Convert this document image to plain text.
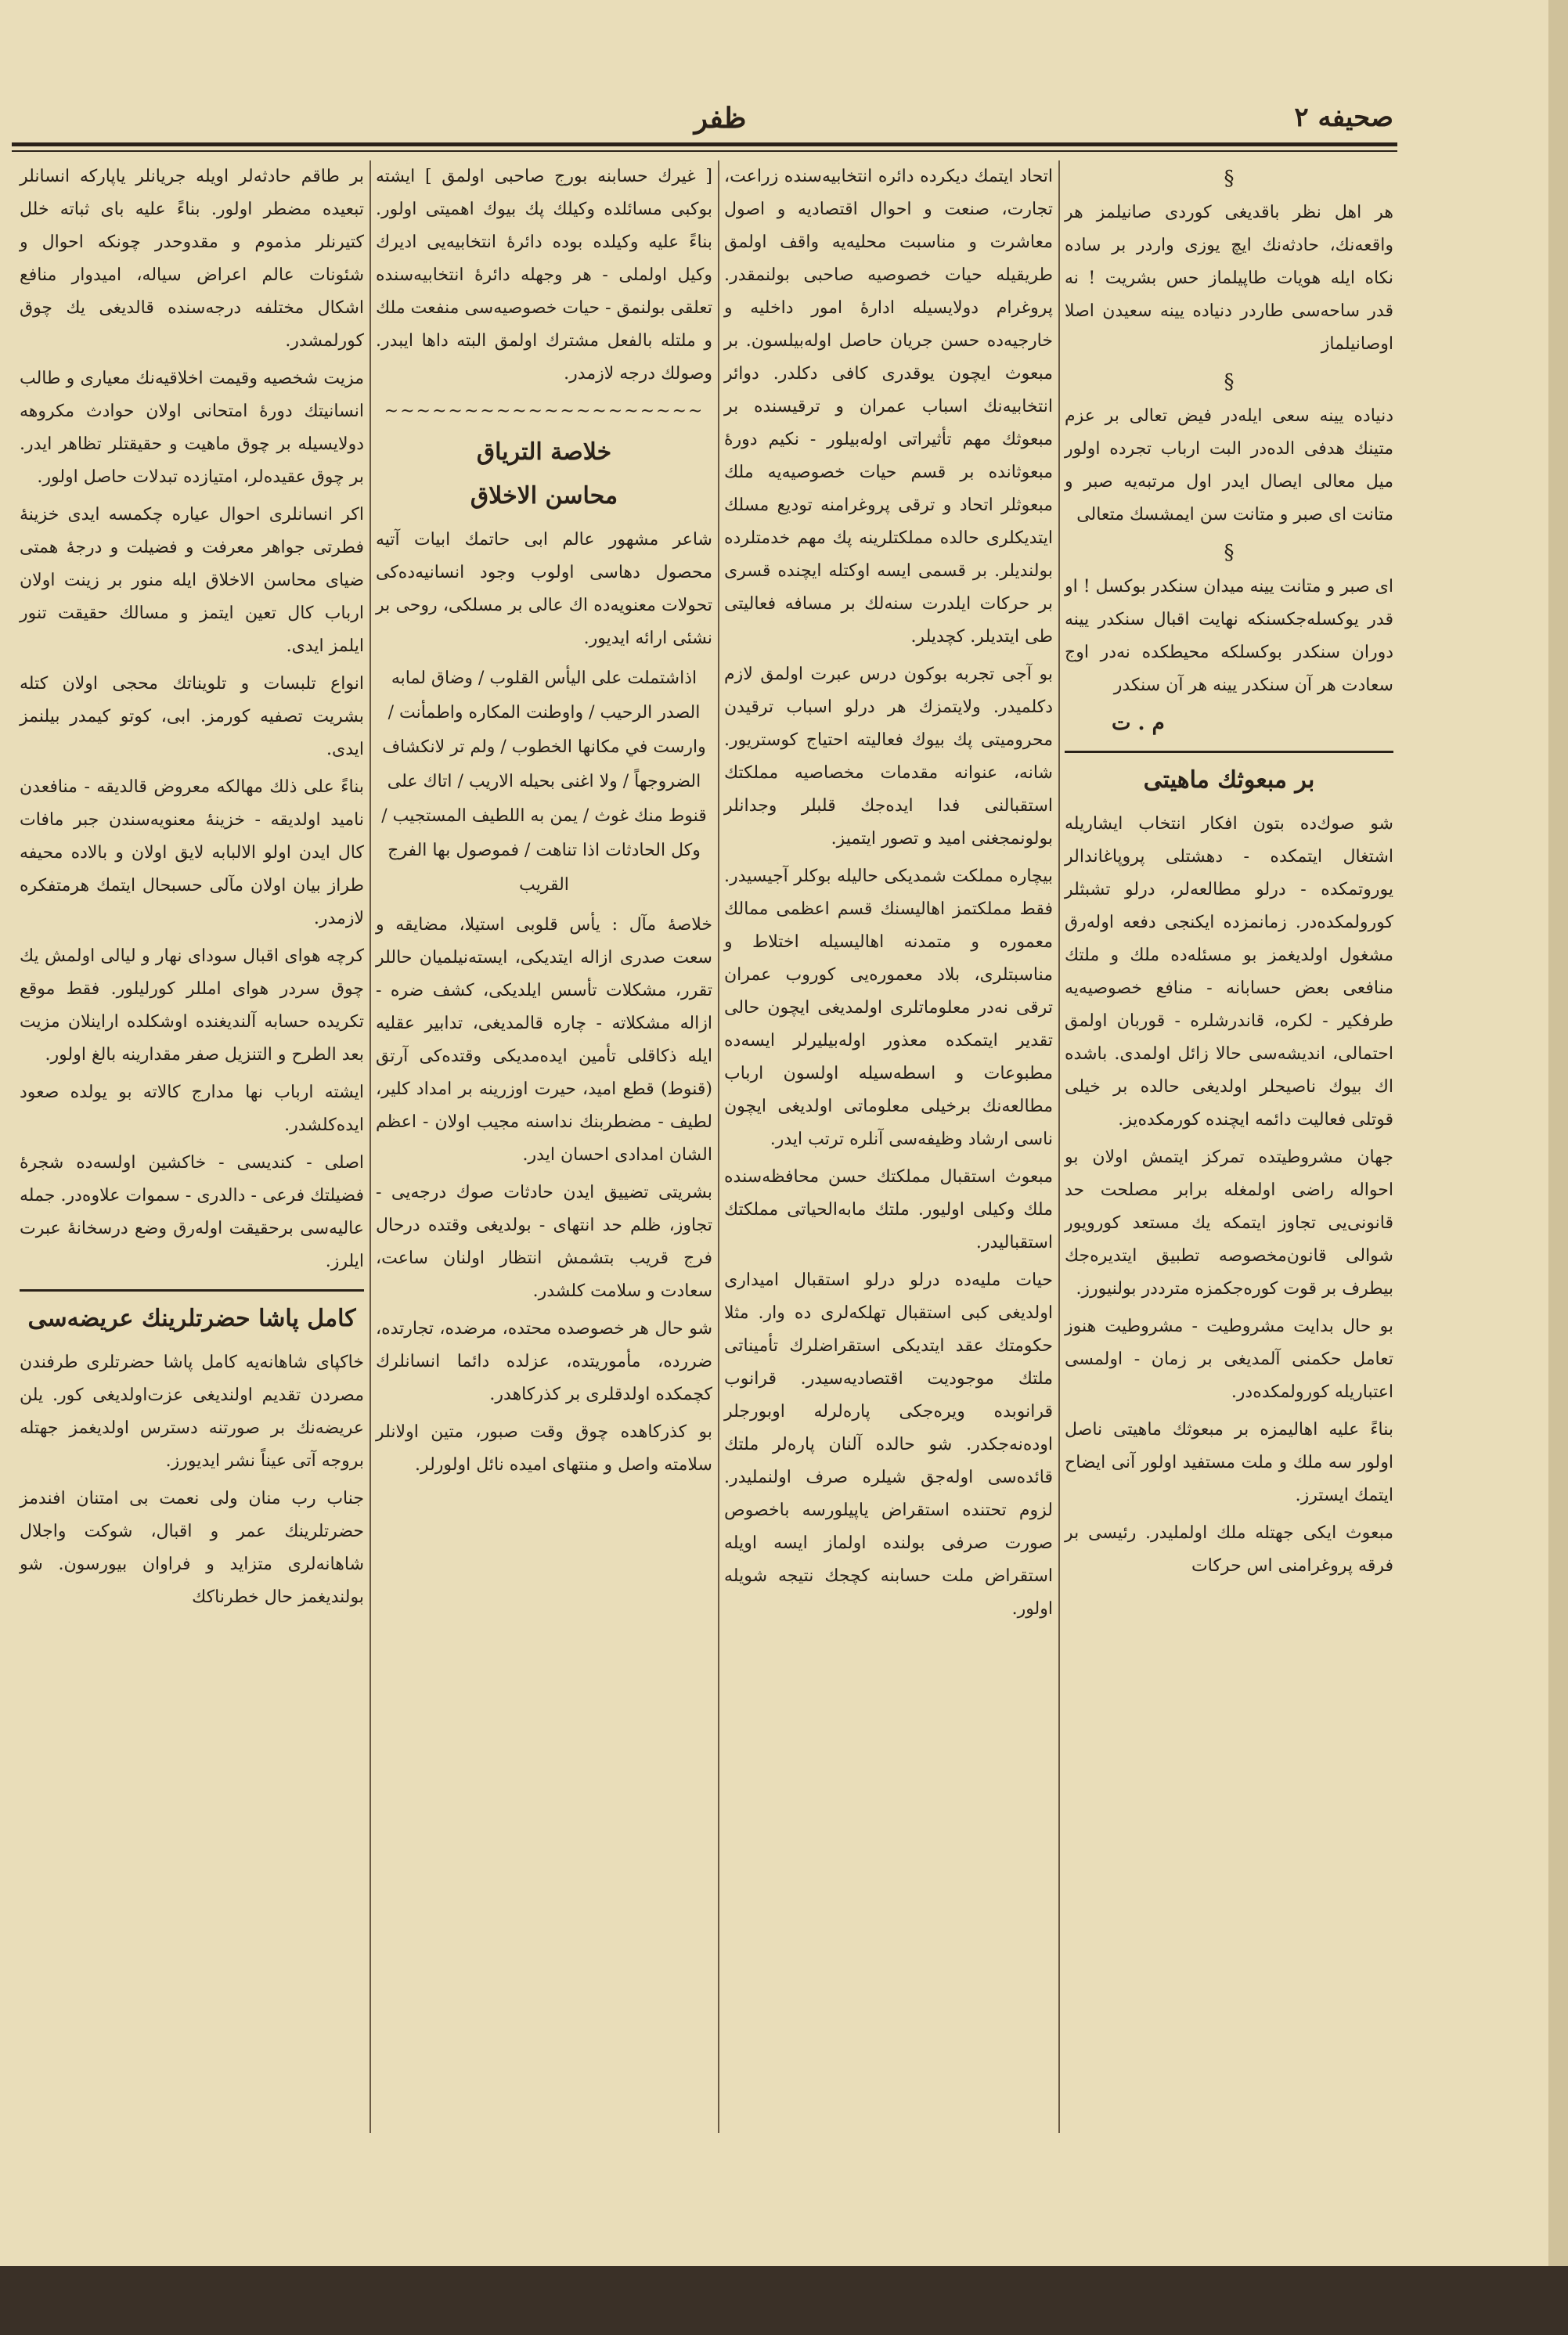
صحیفه ۲
ظفر
§

هر اهل نظر باقدیغی کوردی صانیلمز هر واقعه‌نك، حادثه‌نك ایچ یوزی واردر بر ساده نکاه ایله هویات طاپیلماز حس بشریت ! نه قدر ساحه‌سی طاردر دنیاده یینه سعیدن اصلا اوصانیلماز

§

دنیاده یینه سعی ایله‌در فیض تعالی بر عزم متینك هدفی الده‌در البت ارباب تجرده اولور میل معالی ایصال ایدر اول مرتبه‌یه صبر و متانت ای صبر و متانت سن ایمشسك متعالی

§

ای صبر و متانت یینه میدان سنکدر بوکسل ! او قدر یوکسله‌جکسنکه نهایت اقبال سنکدر یینه دوران سنکدر بوکسلکه محیطکده نه‌در اوج سعادت هر آن سنکدر یینه هر آن سنکدر

م . ت
بر مبعوثك ماهیتی

شو صوك‌ده بتون افکار انتخاب ایشاریله اشتغال ایتمکده - دهشتلی پروپاغاندالر یوروتمکده - درلو مطالعه‌لر، درلو تشبثلر کورولمکده‌در. زمانمزده ایکنجی دفعه اوله‌رق مشغول اولدیغمز بو مسئله‌ده ملك و ملتك منافعی بعض حسابانه - منافع خصوصیه‌یه طرفکیر - لکره، قاندرشلره - قوربان اولمق احتمالی، اندیشه‌سی حالا زائل اولمدی. باشده اك بیوك ناصیحلر اولدیغی حالده بر خیلی قوتلی فعالیت دائمه ایچنده کورمکده‌یز.

جهان مشروطیتده تمرکز ایتمش اولان بو احواله راضی اولمغله برابر مصلحت حد قانونی‌یی تجاوز ایتمکه یك مستعد کورویور شوالی قانون‌مخصوصه تطبیق ایتدیره‌جك بیطرف بر قوت کوره‌جکمزه مترددر بولنیورز.

بو حال بدایت مشروطیت - مشروطیت هنوز تعامل حکمنی آلمدیغی بر زمان - اولمسی اعتباریله کورولمکده‌در.

بناءً علیه اهالیمزه بر مبعوثك ماهیتی ناصل اولور سه ملك و ملت مستفید اولور آنی ایضاح ایتمك ایسترز.

مبعوث ایکی جهتله ملك اولملیدر. رئیسی بر فرقه پروغرامنی اس حرکات

اتحاد ایتمك دیکرده دائره انتخابیه‌سنده زراعت، تجارت، صنعت و احوال اقتصادیه و اصول معاشرت و مناسبت محلیه‌یه واقف اولمق طریقیله حیات خصوصیه صاحبی بولنمقدر. پروغرام دولایسیله ادارهٔ امور داخلیه و خارجیه‌ده حسن جریان حاصل اوله‌بیلسون. بر مبعوث ایچون یوقدری کافی دکلدر. دوائر انتخابیه‌نك اسباب عمران و ترقیسنده بر مبعوثك مهم تأثیراتی اوله‌بیلور - نکیم دورهٔ مبعوثانده بر قسم حیات خصوصیه‌یه ملك مبعوثلر اتحاد و ترقی پروغرامنه توديع مسلك ایتدیکلری حالده مملکتلرینه پك مهم خدمتلرده بولندیلر. بر قسمی ایسه اوکتله ایچنده قسری بر حرکات ایلدرت سنه‌لك بر مسافه فعالیتی طی ایتدیلر. کچدیلر.

بو آجی تجربه بوکون درس عبرت اولمق لازم دکلمیدر. ولایتمزك هر درلو اسباب ترقیدن محرومیتی پك بیوك فعالیته احتیاج کوستریور. شانه، عنوانه مقدمات مخصاصیه مملکتك استقبالنی فدا ایده‌جك قلبلر وجدانلر بولونمجغنی امید و تصور ایتمیز.

بیچاره مملکت شمدیکی حالیله بوکلر آجیسیدر. فقط مملکتمز اهالیسنك قسم اعظمی ممالك معموره و متمدنه اهالیسیله اختلاط و مناسبتلری، بلاد معموره‌یی کوروب عمران ترقی نه‌در معلوماتلری اولمدیغی ایچون حالی تقدیر ایتمکده معذور اوله‌بیلیرلر ایسه‌ده مطبوعات و اسطه‌سیله اولسون ارباب مطالعه‌نك برخیلی معلوماتی اولدیغی ایچون ناسی ارشاد وظیفه‌سی آنلره ترتب ایدر.

مبعوث استقبال مملکتك حسن محافظه‌سنده ملك وکیلی اولیور. ملتك مابه‌الحیاتی مملکتك استقبالیدر.

حیات ملیه‌ده درلو درلو استقبال امیداری اولدیغی کبی استقبال تهلکه‌لری ده وار. مثلا حکومتك عقد ایتدیکی استقراضلرك تأمیناتی ملتك موجودیت اقتصادیه‌سیدر. قرانوب قرانوبده ویره‌جکی پاره‌لرله اوبورجلر اوده‌نه‌جکدر. شو حالده آلنان پاره‌لر ملتك قائده‌سی اوله‌جق شیلره صرف اولنملیدر. لزوم تحتنده استقراض یاپیلورسه باخصوص صورت صرفی بولنده اولماز ایسه اویله استقراض ملت حسابنه کچجك نتیجه شویله اولور.

[ غیرك حسابنه بورج صاحبی اولمق ] ایشته بوکبی مسائلده وکیلك پك بیوك اهمیتی اولور. بناءً علیه وکیلده بوده دائرهٔ انتخابیه‌یی ادیرك وکیل اولملی - هر وجهله دائرهٔ انتخابیه‌سنده تعلقی بولنمق - حیات خصوصیه‌سی منفعت ملك و ملتله بالفعل مشترك اولمق البته داها ایبدر. وصولك درجه لازمدر.

~~~~~~~~~~~~~~~~~~~~
خلاصة الترياق
محاسن الاخلاق

شاعر مشهور عالم ابی حاتمك ابيات آتیه محصول دهاسی اولوب وجود انسانیه‌ده‌کی تحولات معنویه‌ده اك عالی بر مسلکی، روحی بر نشئی ارائه ایدیور.

اذاشتملت على اليأس القلوب / وضاق لمابه الصدر الرحيب / واوطنت المكاره واطمأنت / وارست في مكانها الخطوب / ولم تر لانكشاف الضروجهاً / ولا اغنى بحيله الاريب / اتاك على قنوط منك غوث / يمن به اللطيف المستجيب / وكل الحادثات اذا تناهت / فموصول بها الفرج القريب

خلاصهٔ مآل : یأس قلوبی استیلا، مضایقه و سعت صدری ازاله ایتدیکی، ایسته‌نیلمیان حاللر تقرر، مشکلات تأسس ایلدیکی، کشف ضره - ازاله مشکلاته - چاره قالمدیغی، تدابیر عقلیه ایله ذکاقلی تأمین ایده‌مدیکی وقتده‌کی آرتق (قنوط) قطع امید، حیرت اوزرینه بر امداد کلیر، لطیف - مضطربنك نداسنه مجیب اولان - اعظم الشان امدادی احسان ایدر.

بشریتی تضییق ایدن حادثات صوك درجه‌یی - تجاوز، ظلم حد انتهای - بولدیغی وقتده درحال فرج قریب بتشمش انتظار اولنان ساعت، سعادت و سلامت کلشدر.

شو حال هر خصوصده محتده، مرضده، تجارتده، ضررده، مأموریتده، عزلده دائما انسانلرك کچمکده اولدقلری بر کذرکاهدر.

بو کذرکاهده چوق وقت صبور، متین اولانلر سلامته واصل و منتهای امیده نائل اولورلر.

بر طاقم حادثه‌لر اویله جریانلر یاپارکه انسانلر تبعیده مضطر اولور. بناءً علیه بای ثباته خلل کتیرنلر مذموم و مقدوحدر چونکه احوال و شئونات عالم اعراض سیاله، امیدوار منافع اشکال مختلفه درجه‌سنده قالدیغی یك چوق کورلمشدر.

مزیت شخصیه وقیمت اخلاقیه‌نك معیاری و طالب انسانیتك دورهٔ امتحانی اولان حوادث مکروهه دولایسیله بر چوق ماهیت و حقیقتلر تظاهر ایدر. بر چوق عقیده‌لر، امتیازده تبدلات حاصل اولور.

اکر انسانلری احوال عیاره چکمسه ایدی خزینهٔ فطرتی جواهر معرفت و فضیلت و درجهٔ همتی ضیای محاسن الاخلاق ایله منور بر زینت اولان ارباب کال تعین ایتمز و مسالك حقیقت تنور ایلمز ایدی.

انواع تلبسات و تلویناتك محجی اولان کتله بشریت تصفیه کورمز. ابی، کوتو کیمدر بیلنمز ایدی.

بناءً على ذلك مهالکه معروض قالدیقه - منافعدن نامید اولدیقه - خزینهٔ معنویه‌سندن جبر مافات کال ایدن اولو الالبابه لایق اولان و بالاده محیفه طراز بیان اولان مآلی حسبحال ایتمك هرمتفکره لازمدر.

کرچه هوای اقبال سودای نهار و لیالی اولمش یك چوق سردر هوای امللر کورلیلور. فقط موقع تکریده حسابه آلندیغنده اوشکلده اراینلان مزیت بعد الطرح و التنزیل صفر مقدارینه بالغ اولور.

ایشته ارباب نها مدارج کالاته بو یولده صعود ایده‌کلشدر.

اصلی - کندیسی - خاکشین اولسه‌ده شجرهٔ فضیلتك فرعی - دالدری - سموات علاوه‌در. جمله عالیه‌سی برحقیقت اوله‌رق وضع درسخانهٔ عبرت ایلرز.

کامل پاشا حضرتلرینك عریضه‌سی

خاکپای شاهانه‌یه کامل پاشا حضرتلری طرفندن مصردن تقدیم اولندیغی عزت‌اولدیغی کور. یلن عریضه‌نك بر صورتنه دسترس اولدیغمز جهتله بروجه آتی عیناً نشر ایدیورز.

جناب رب منان ولی نعمت بی امتنان افندمز حضرتلرینك عمر و اقبال، شوکت واجلال شاهانه‌لری متزاید و فراوان بیورسون. شو بولندیغمز حال خطرناکك
